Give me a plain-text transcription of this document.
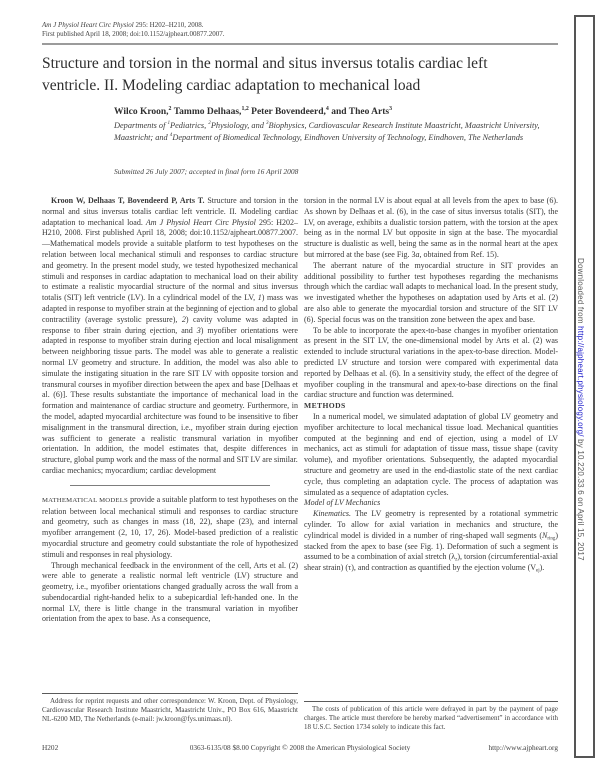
Am J Physiol Heart Circ Physiol 295: H202–H210, 2008.
First published April 18, 2008; doi:10.1152/ajpheart.00877.2007.
Structure and torsion in the normal and situs inversus totalis cardiac left
ventricle. II. Modeling cardiac adaptation to mechanical load
Wilco Kroon,$^2$ Tammo Delhaas,$^{1,2}$ Peter Bovendeerd,$^4$ and Theo Arts$^3$
Departments of $^1$Pediatrics, $^2$Physiology, and $^3$Biophysics, Cardiovascular Research Institute Maastricht, Maastricht University, Maastricht; and $^4$Department of Biomedical Technology, Eindhoven University of Technology, Eindhoven, The Netherlands
Submitted 26 July 2007; accepted in final form 16 April 2008

Kroon W, Delhaas T, Bovendeerd P, Arts T. Structure and torsion in the normal and situs inversus totalis cardiac left ventricle. II. Modeling cardiac adaptation to mechanical load. Am J Physiol Heart Circ Physiol 295: H202–H210, 2008. First published April 18, 2008; doi:10.1152/ajpheart.00877.2007.—Mathematical models provide a suitable platform to test hypotheses on the relation between local mechanical stimuli and responses to cardiac structure and geometry. In the present model study, we tested hypothesized mechanical stimuli and responses in cardiac adaptation to mechanical load on their ability to estimate a realistic myocardial structure of the normal and situs inversus totalis (SIT) left ventricle (LV). In a cylindrical model of the LV, 1) mass was adapted in response to myofiber strain at the beginning of ejection and to global contractility (average systolic pressure), 2) cavity volume was adapted in response to fiber strain during ejection, and 3) myofiber orientations were adapted in response to myofiber strain during ejection and local misalignment between neighboring tissue parts. The model was able to generate a realistic normal LV geometry and structure. In addition, the model was also able to simulate the instigating situation in the rare SIT LV with opposite torsion and transmural courses in myofiber direction between the apex and base [Delhaas et al. (6)]. These results substantiate the importance of mechanical load in the formation and maintenance of cardiac structure and geometry. Furthermore, in the model, adapted myocardial architecture was found to be insensitive to fiber misalignment in the transmural direction, i.e., myofiber strain during ejection was sufficient to generate a realistic transmural variation in myofiber orientation. In addition, the model estimates that, despite differences in structure, global pump work and the mass of the normal and SIT LV are similar.

cardiac mechanics; myocardium; cardiac development

MATHEMATICAL MODELS provide a suitable platform to test hypotheses on the relation between local mechanical stimuli and responses to cardiac structure and geometry, such as changes in mass (18, 22), shape (23), and internal myofiber arrangement (2, 10, 17, 26). Model-based prediction of a realistic myocardial structure and geometry could substantiate the role of hypothesized stimuli and responses in real physiology.

Through mechanical feedback in the environment of the cell, Arts et al. (2) were able to generate a realistic normal left ventricle (LV) structure and geometry, i.e., myofiber orientations changed gradually across the wall from a subendocardial right-handed helix to a subepicardial left-handed one. In the normal LV, there is little change in the transmural variation in myofiber orientation from the apex to base. As a consequence,

torsion in the normal LV is about equal at all levels from the apex to base (6). As shown by Delhaas et al. (6), in the case of situs inversus totalis (SIT), the LV, on average, exhibits a dualistic torsion pattern, with the torsion at the apex being as in the normal LV but opposite in sign at the base. The myocardial structure is dualistic as well, being the same as in the normal heart at the apex but mirrored at the base (see Fig. 3a, obtained from Ref. 15).

The aberrant nature of the myocardial structure in SIT provides an additional possibility to further test hypotheses regarding the mechanisms through which the cardiac wall adapts to mechanical load. In the present study, we investigated whether the hypotheses on adaptation used by Arts et al. (2) are also able to generate the myocardial torsion and structure of the SIT LV (6). Special focus was on the transition zone between the apex and base.

To be able to incorporate the apex-to-base changes in myofiber orientation as present in the SIT LV, the one-dimensional model by Arts et al. (2) was extended to include structural variations in the apex-to-base direction. Model-predicted LV structure and torsion were compared with experimental data reported by Delhaas et al. (6). In a sensitivity study, the effect of the degree of myofiber coupling in the transmural and apex-to-base directions on the final cardiac structure and function was determined.

METHODS

In a numerical model, we simulated adaptation of global LV geometry and myofiber architecture to local mechanical tissue load. Mechanical quantities computed at the beginning and end of ejection, using a model of LV mechanics, act as stimuli for adaptation of tissue mass, tissue shape (cavity volume), and myofiber orientations. Subsequently, the adapted myocardial structure and geometry are used in the end-diastolic state of the next cardiac cycle, thus completing an adaptation cycle. The process of adaptation was simulated as a sequence of adaptation cycles.

Model of LV Mechanics

Kinematics. The LV geometry is represented by a rotational symmetric cylinder. To allow for axial variation in mechanics and structure, the cylindrical model is divided in a number of ring-shaped wall segments (Nring) stacked from the apex to base (see Fig. 1). Deformation of such a segment is assumed to be a combination of axial stretch (λz), torsion (circumferential-axial shear strain) (τ), and contraction as quantified by the ejection volume (Vej).

Address for reprint requests and other correspondence: W. Kroon, Dept. of Physiology, Cardiovascular Research Institute Maastricht, Maastricht Univ., PO Box 616, Maastricht NL-6200 MD, The Netherlands (e-mail: jw.kroon@fys.unimaas.nl).

The costs of publication of this article were defrayed in part by the payment of page charges. The article must therefore be hereby marked “advertisement” in accordance with 18 U.S.C. Section 1734 solely to indicate this fact.

H202	0363-6135/08 $8.00 Copyright © 2008 the American Physiological Society	http://www.ajpheart.org
Downloaded from http://ajpheart.physiology.org/ by 10.220.33.6 on April 15, 2017
